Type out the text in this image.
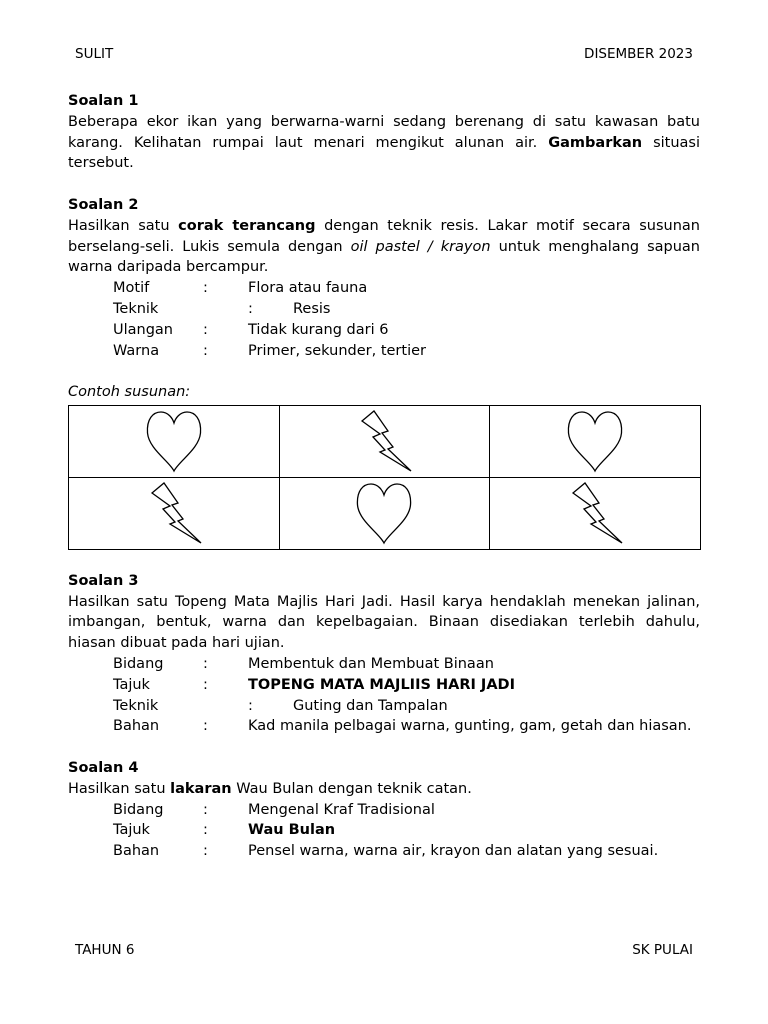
SULIT	DISEMBER 2023
Soalan 1
Beberapa ekor ikan yang berwarna-warni sedang berenang di satu kawasan batu karang. Kelihatan rumpai laut menari mengikut alunan air. Gambarkan situasi tersebut.
Soalan 2
Hasilkan satu corak terancang dengan teknik resis. Lakar motif secara susunan berselang-seli. Lukis semula dengan oil pastel / krayon untuk menghalang sapuan warna daripada bercampur.
Motif	:	Flora atau fauna
Teknik	:	Resis
Ulangan :	Tidak kurang dari 6
Warna	:	Primer, sekunder, tertier
Contoh susunan:

Soalan 3
Hasilkan satu Topeng Mata Majlis Hari Jadi. Hasil karya hendaklah menekan jalinan, imbangan, bentuk, warna dan kepelbagaian. Binaan disediakan terlebih dahulu, hiasan dibuat pada hari ujian.
Bidang	:	Membentuk dan Membuat Binaan
Tajuk	:	TOPENG MATA MAJLIIS HARI JADI
Teknik	:	Guting dan Tampalan
Bahan	:	Kad manila pelbagai warna, gunting, gam, getah dan hiasan.
Soalan 4
Hasilkan satu lakaran Wau Bulan dengan teknik catan.
Bidang	:	Mengenal Kraf Tradisional
Tajuk	:	Wau Bulan
Bahan	:	Pensel warna, warna air, krayon dan alatan yang sesuai.
TAHUN 6	SK PULAI
